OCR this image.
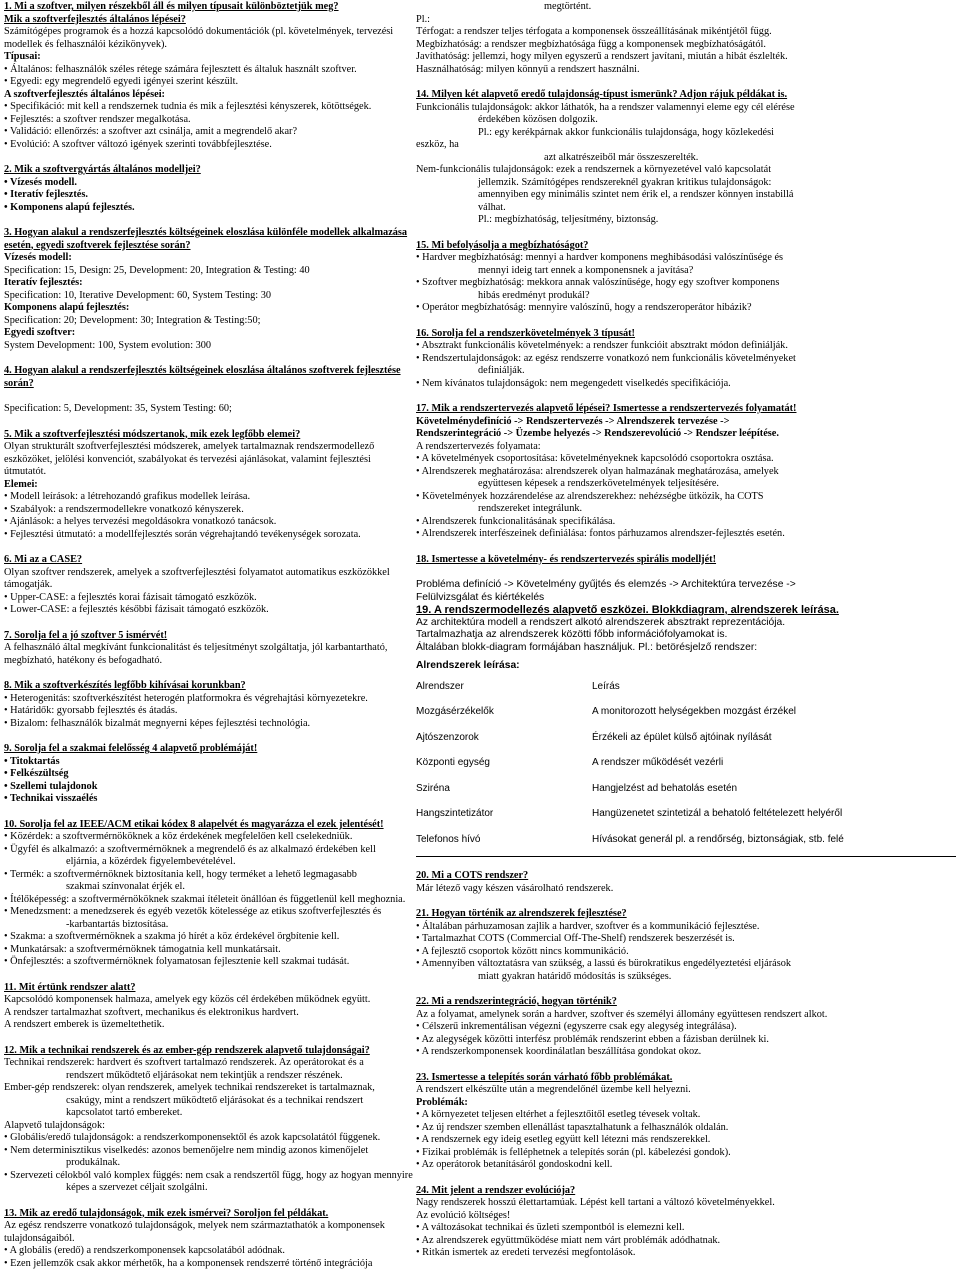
1. Mi a szoftver, milyen részekből áll és milyen típusait különböztetjük meg?
Mik a szoftverfejlesztés általános lépései?
Számítógépes programok és a hozzá kapcsolódó dokumentációk (pl. követelmények, tervezési modellek és felhasználói kézikönyvek).
Típusai:
• Általános: felhasználók széles rétege számára fejlesztett és általuk használt szoftver.
• Egyedi: egy megrendelő egyedi igényei szerint készült.
A szoftverfejlesztés általános lépései:
• Specifikáció: mit kell a rendszernek tudnia és mik a fejlesztési kényszerek, kötöttségek.
• Fejlesztés: a szoftver rendszer megalkotása.
• Validáció: ellenőrzés: a szoftver azt csinálja, amit a megrendelő akar?
• Evolúció: A szoftver változó igények szerinti továbbfejlesztése.
2. Mik a szoftvergyártás általános modelljei?
• Vízesés modell.
• Iteratív fejlesztés.
• Komponens alapú fejlesztés.
3. Hogyan alakul a rendszerfejlesztés költségeinek eloszlása különféle modellek alkalmazása esetén, egyedi szoftverek fejlesztése során?
Vízesés modell:
Specification: 15, Design: 25, Development: 20, Integration & Testing: 40
Iteratív fejlesztés:
Specification: 10, Iterative Development: 60, System Testing: 30
Komponens alapú fejlesztés:
Specification: 20; Development: 30; Integration & Testing:50;
Egyedi szoftver:
System Development: 100, System evolution: 300
4. Hogyan alakul a rendszerfejlesztés költségeinek eloszlása általános szoftverek fejlesztése során?
Specification: 5, Development: 35, System Testing: 60;
5. Mik a szoftverfejlesztési módszertanok, mik ezek legfőbb elemei?
Olyan strukturált szoftverfejlesztési módszerek, amelyek tartalmaznak rendszermodellező eszközöket, jelölési konvenciót, szabályokat és tervezési ajánlásokat, valamint fejlesztési útmutatót.
Elemei:
• Modell leírások: a létrehozandó grafikus modellek leírása.
• Szabályok: a rendszermodellekre vonatkozó kényszerek.
• Ajánlások: a helyes tervezési megoldásokra vonatkozó tanácsok.
• Fejlesztési útmutató: a modellfejlesztés során végrehajtandó tevékenységek sorozata.
6. Mi az a CASE?
Olyan szoftver rendszerek, amelyek a szoftverfejlesztési folyamatot automatikus eszközökkel támogatják.
• Upper-CASE: a fejlesztés korai fázisait támogató eszközök.
• Lower-CASE: a fejlesztés későbbi fázisait támogató eszközök.
7. Sorolja fel a jó szoftver 5 ismérvét!
A felhasználó által megkívánt funkcionalitást és teljesítményt szolgáltatja, jól karbantartható, megbízható, hatékony és befogadható.
8. Mik a szoftverkészítés legfőbb kihívásai korunkban?
• Heterogenitás: szoftverkészítést heterogén platformokra és végrehajtási környezetekre.
• Határidők: gyorsabb fejlesztés és átadás.
• Bizalom: felhasználók bizalmát megnyerni képes fejlesztési technológia.
9. Sorolja fel a szakmai felelősség 4 alapvető problémáját!
• Titoktartás
• Felkészültség
• Szellemi tulajdonok
• Technikai visszaélés
10. Sorolja fel az IEEE/ACM etikai kódex 8 alapelvét és magyarázza el ezek jelentését!
• Közérdek: a szoftvermérnököknek a köz érdekének megfelelően kell cselekedniük.
• Ügyfél és alkalmazó: a szoftvermérnöknek a megrendelő és az alkalmazó érdekében kell
eljárnia, a közérdek figyelembevételével.
• Termék: a szoftvermérnöknek biztosítania kell, hogy terméket a lehető legmagasabb
szakmai színvonalat érjék el.
• Ítélőképesség: a szoftvermérnököknek szakmai ítéleteit önállóan és függetlenül kell meghoznia.
• Menedzsment: a menedzserek és egyéb vezetők kötelessége az etikus szoftverfejlesztés és
-karbantartás biztosítása.
• Szakma: a szoftvermérnöknek a szakma jó hírét a köz érdekével örgbítenie kell.
• Munkatársak: a szoftvermérnöknek támogatnia kell munkatársait.
• Önfejlesztés: a szoftvermérnöknek folyamatosan fejlesztenie kell szakmai tudását.
11. Mit értünk rendszer alatt?
Kapcsolódó komponensek halmaza, amelyek egy közös cél érdekében működnek együtt.
A rendszer tartalmazhat szoftvert, mechanikus és elektronikus hardvert.
A rendszert emberek is üzemeltethetik.
12. Mik a technikai rendszerek és az ember-gép rendszerek alapvető tulajdonságai?
Technikai rendszerek: hardvert és szoftvert tartalmazó rendszerek. Az operátorokat és a
rendszert működtető eljárásokat nem tekintjük a rendszer részének.
Ember-gép rendszerek: olyan rendszerek, amelyek technikai rendszereket is tartalmaznak,
csakúgy, mint a rendszert működtető eljárásokat és a technikai rendszert
kapcsolatot tartó embereket.
Alapvető tulajdonságok:
• Globális/eredő tulajdonságok: a rendszerkomponensektől és azok kapcsolatától függenek.
• Nem determinisztikus viselkedés: azonos bemenőjelre nem mindig azonos kimenőjelet
produkálnak.
• Szervezeti célokból való komplex függés: nem csak a rendszertől függ, hogy az hogyan mennyire
képes a szervezet céljait szolgálni.
13. Mik az eredő tulajdonságok, mik ezek ismérvei? Soroljon fel példákat.
Az egész rendszerre vonatkozó tulajdonságok, melyek nem származtathatók a komponensek tulajdonságaiból.
• A globális (eredő) a rendszerkomponensek kapcsolatából adódnak.
• Ezen jellemzők csak akkor mérhetők, ha a komponensek rendszerré történő integrációja
megtörtént.
Pl.:
Térfogat: a rendszer teljes térfogata a komponensek összeállításának mikéntjétől függ.
Megbízhatóság: a rendszer megbízhatósága függ a komponensek megbízhatóságától.
Javíthatóság: jellemzi, hogy milyen egyszerű a rendszert javítani, miután a hibát észlelték.
Használhatóság: milyen könnyű a rendszert használni.
14. Milyen két alapvető eredő tulajdonság-típust ismerünk? Adjon rájuk példákat is.
Funkcionális tulajdonságok: akkor láthatók, ha a rendszer valamennyi eleme egy cél elérése
érdekében közösen dolgozik.
Pl.: egy kerékpárnak akkor funkcionális tulajdonsága, hogy közlekedési
eszköz, ha
azt alkatrészeiből már összeszerelték.
Nem-funkcionális tulajdonságok: ezek a rendszernek a környezetével való kapcsolatát
jellemzik. Számítógépes rendszereknél gyakran kritikus tulajdonságok:
amennyiben egy minimális szintet nem érik el, a rendszer könnyen instabillá
válhat.
Pl.: megbízhatóság, teljesítmény, biztonság.
15. Mi befolyásolja a megbízhatóságot?
• Hardver megbízhatóság: mennyi a hardver komponens meghibásodási valószínűsége és
mennyi ideig tart ennek a komponensnek a javítása?
• Szoftver megbízhatóság: mekkora annak valószínűsége, hogy egy szoftver komponens
hibás eredményt produkál?
• Operátor megbízhatóság: mennyire valószínű, hogy a rendszeroperátor hibázik?
16. Sorolja fel a rendszerkövetelmények 3 típusát!
• Absztrakt funkcionális követelmények: a rendszer funkcióit absztrakt módon definiálják.
• Rendszertulajdonságok: az egész rendszerre vonatkozó nem funkcionális követelményeket
definiálják.
• Nem kívánatos tulajdonságok: nem megengedett viselkedés specifikációja.
17. Mik a rendszertervezés alapvető lépései? Ismertesse a rendszertervezés folyamatát!
Követelménydefiníció -> Rendszertervezés -> Alrendszerek tervezése ->
Rendszerintegráció -> Üzembe helyezés -> Rendszerevolúció -> Rendszer leépítése.
A rendszertervezés folyamata:
• A követelmények csoportosítása: követelményeknek kapcsolódó csoportokra osztása.
• Alrendszerek meghatározása: alrendszerek olyan halmazának meghatározása, amelyek
együttesen képesek a rendszerkövetelmények teljesítésére.
• Követelmények hozzárendelése az alrendszerekhez: nehézségbe ütközik, ha COTS
rendszereket integrálunk.
• Alrendszerek funkcionalitásának specifikálása.
• Alrendszerek interfészeinek definiálása: fontos párhuzamos alrendszer-fejlesztés esetén.
18. Ismertesse a követelmény- és rendszertervezés spirális modelljét!
Probléma definíció -> Követelmény gyűjtés és elemzés -> Architektúra tervezése ->
Felülvizsgálat és kiértékelés
19. A rendszermodellezés alapvető eszközei. Blokkdiagram, alrendszerek leírása.
Az architektúra modell a rendszert alkotó alrendszerek absztrakt reprezentációja.
Tartalmazhatja az alrendszerek közötti főbb információfolyamokat is.
Általában blokk-diagram formájában használjuk. Pl.: betörésjelző rendszer:
Alrendszerek leírása:
Alrendszer	Leírás
Mozgásérzékelők	A monitorozott helységekben mozgást érzékel
Ajtószenzorok	Érzékeli az épület külső ajtóinak nyílását
Központi egység	A rendszer működését vezérli
Sziréna	Hangjelzést ad behatolás esetén
Hangszintetizátor	Hangüzenetet szintetizál a behatoló feltételezett helyéről
Telefonos hívó	Hívásokat generál pl. a rendőrség, biztonságiak, stb. felé
20. Mi a COTS rendszer?
Már létező vagy készen vásárolható rendszerek.
21. Hogyan történik az alrendszerek fejlesztése?
• Általában párhuzamosan zajlik a hardver, szoftver és a kommunikáció fejlesztése.
• Tartalmazhat COTS (Commercial Off-The-Shelf) rendszerek beszerzését is.
• A fejlesztő csoportok között nincs kommunikáció.
• Amennyiben változtatásra van szükség, a lassú és bürokratikus engedélyeztetési eljárások
miatt gyakran határidő módosítás is szükséges.
22. Mi a rendszerintegráció, hogyan történik?
Az a folyamat, amelynek során a hardver, szoftver és személyi állomány együttesen rendszert alkot.
• Célszerű inkrementálisan végezni (egyszerre csak egy alegység integrálása).
• Az alegységek közötti interfész problémák rendszerint ebben a fázisban derülnek ki.
• A rendszerkomponensek koordinálatlan beszállítása gondokat okoz.
23. Ismertesse a telepítés során várható főbb problémákat.
A rendszert elkészülte után a megrendelőnél üzembe kell helyezni.
Problémák:
• A környezetet teljesen eltérhet a fejlesztőitől esetleg tévesek voltak.
• Az új rendszer szemben ellenállást tapasztalhatunk a felhasználók oldalán.
• A rendszernek egy ideig esetleg együtt kell létezni más rendszerekkel.
• Fizikai problémák is felléphetnek a telepítés során (pl. kábelezési gondok).
• Az operátorok betanításáról gondoskodni kell.
24. Mit jelent a rendszer evolúciója?
Nagy rendszerek hosszú élettartamúak. Lépést kell tartani a változó követelményekkel.
Az evolúció költséges!
• A változásokat technikai és üzleti szempontból is elemezni kell.
• Az alrendszerek együttműködése miatt nem várt problémák adódhatnak.
• Ritkán ismertek az eredeti tervezési megfontolások.
